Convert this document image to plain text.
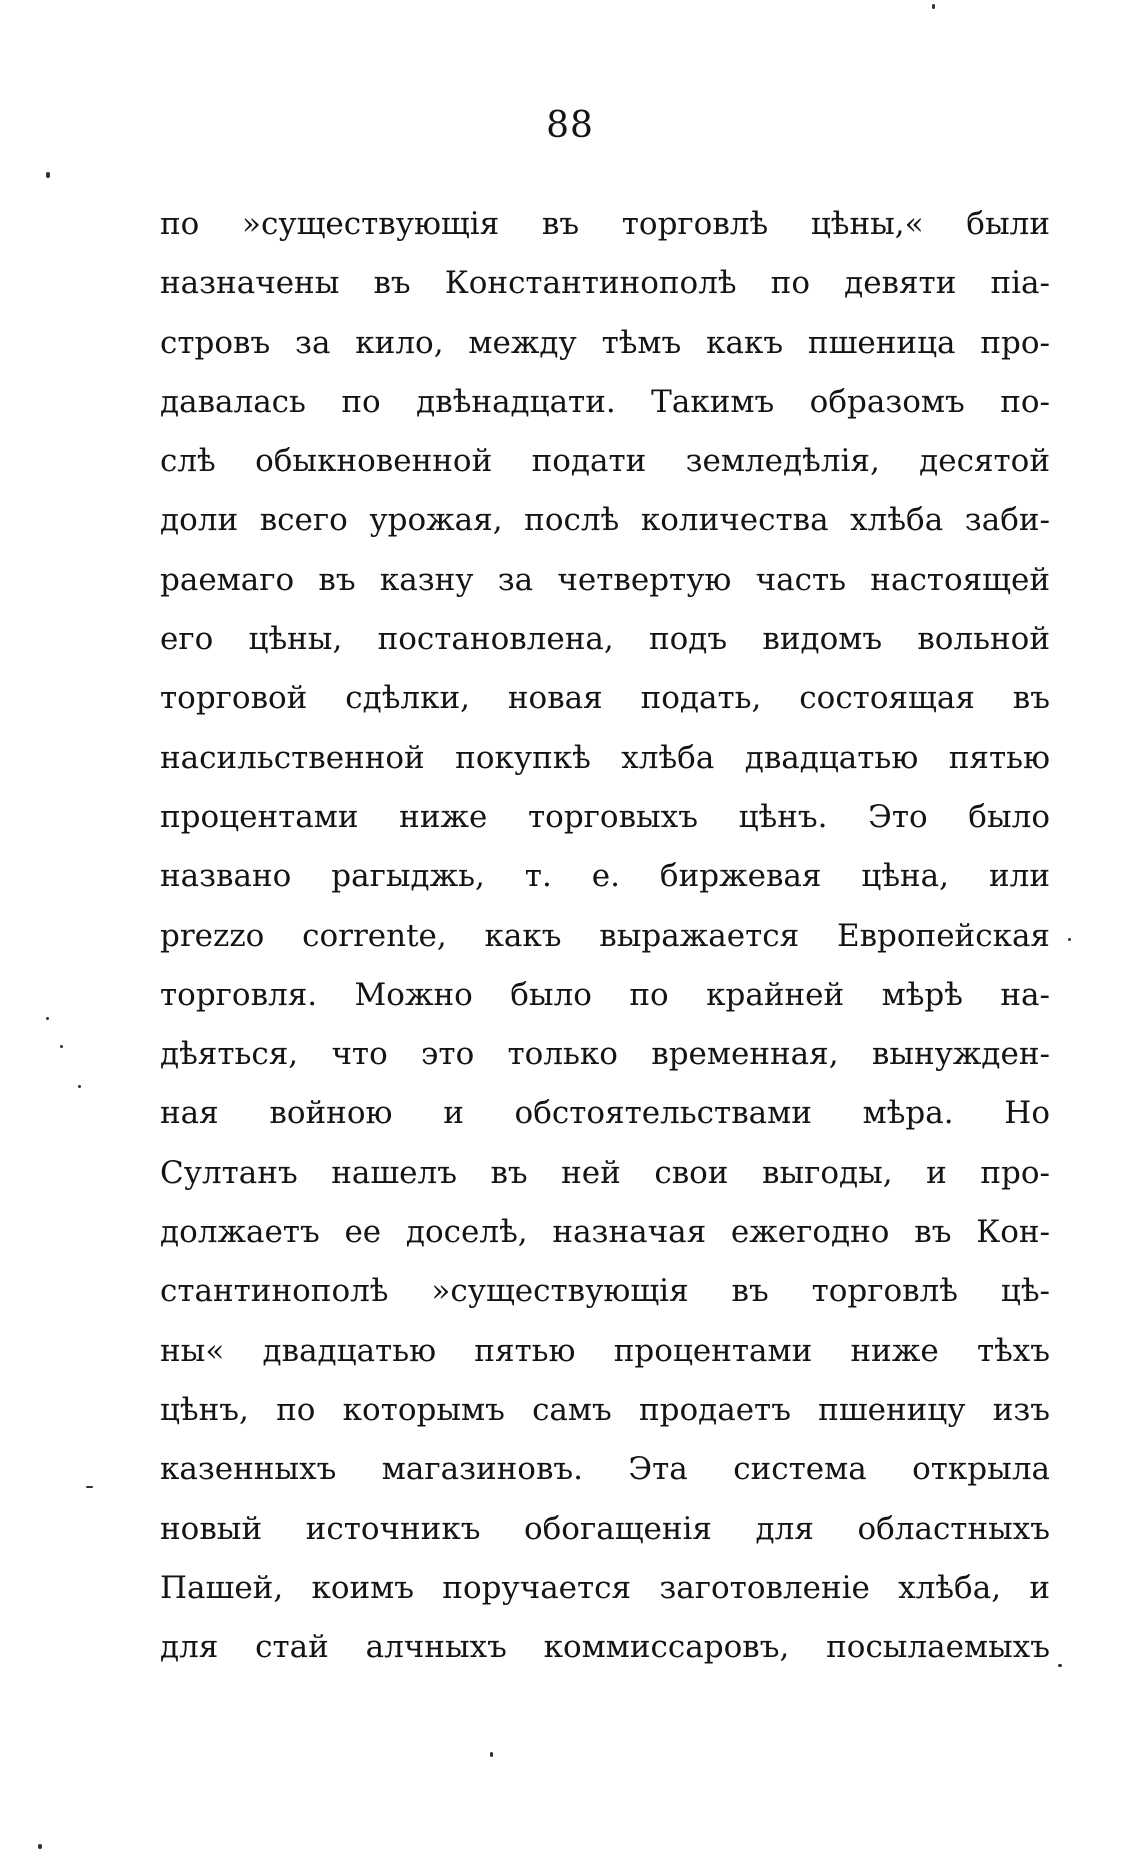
88
по »существующія въ торговлѣ цѣны,« были
назначены въ Константинополѣ по девяти піа-
стровъ за кило, между тѣмъ какъ пшеница про-
давалась по двѣнадцати. Такимъ образомъ по-
слѣ обыкновенной подати земледѣлія, десятой
доли всего урожая, послѣ количества хлѣба заби-
раемаго въ казну за четвертую часть настоящей
его цѣны, постановлена, подъ видомъ вольной
торговой сдѣлки, новая подать, состоящая въ
насильственной покупкѣ хлѣба двадцатью пятью
процентами ниже торговыхъ цѣнъ. Это было
названо рагыджь, т. е. биржевая цѣна, или
prezzo corrente, какъ выражается Европейская
торговля. Можно было по крайней мѣрѣ на-
дѣяться, что это только временная, вынужден-
ная войною и обстоятельствами мѣра. Но
Султанъ нашелъ въ ней свои выгоды, и про-
должаетъ ее доселѣ, назначая ежегодно въ Кон-
стантинополѣ »существующія въ торговлѣ цѣ-
ны« двадцатью пятью процентами ниже тѣхъ
цѣнъ, по которымъ самъ продаетъ пшеницу изъ
казенныхъ магазиновъ. Эта система открыла
новый источникъ обогащенія для областныхъ
Пашей, коимъ поручается заготовленіе хлѣба, и
для стай алчныхъ коммиссаровъ, посылаемыхъ
